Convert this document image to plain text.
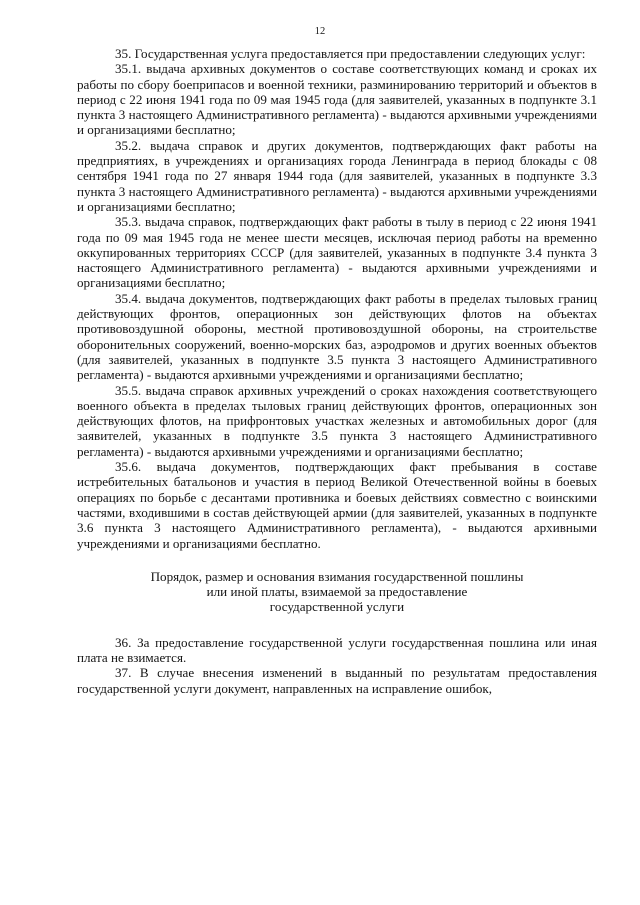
12

35. Государственная услуга предоставляется при предоставлении следующих услуг:

35.1. выдача архивных документов о составе соответствующих команд и сроках их работы по сбору боеприпасов и военной техники, разминированию территорий и объектов в период с 22 июня 1941 года по 09 мая 1945 года (для заявителей, указанных в подпункте 3.1 пункта 3 настоящего Административного регламента) - выдаются архивными учреждениями и организациями бесплатно;

35.2. выдача справок и других документов, подтверждающих факт работы на предприятиях, в учреждениях и организациях города Ленинграда в период блокады с 08 сентября 1941 года по 27 января 1944 года (для заявителей, указанных в подпункте 3.3 пункта 3 настоящего Административного регламента) - выдаются архивными учреждениями и организациями бесплатно;

35.3. выдача справок, подтверждающих факт работы в тылу в период с 22 июня 1941 года по 09 мая 1945 года не менее шести месяцев, исключая период работы на временно оккупированных территориях СССР (для заявителей, указанных в подпункте 3.4 пункта 3 настоящего Административного регламента) - выдаются архивными учреждениями и организациями бесплатно;

35.4. выдача документов, подтверждающих факт работы в пределах тыловых границ действующих фронтов, операционных зон действующих флотов на объектах противовоздушной обороны, местной противовоздушной обороны, на строительстве оборонительных сооружений, военно-морских баз, аэродромов и других военных объектов (для заявителей, указанных в подпункте 3.5 пункта 3 настоящего Административного регламента) - выдаются архивными учреждениями и организациями бесплатно;

35.5. выдача справок архивных учреждений о сроках нахождения соответствующего военного объекта в пределах тыловых границ действующих фронтов, операционных зон действующих флотов, на прифронтовых участках железных и автомобильных дорог (для заявителей, указанных в подпункте 3.5 пункта 3 настоящего Административного регламента) - выдаются архивными учреждениями и организациями бесплатно;

35.6. выдача документов, подтверждающих факт пребывания в составе истребительных батальонов и участия в период Великой Отечественной войны в боевых операциях по борьбе с десантами противника и боевых действиях совместно с воинскими частями, входившими в состав действующей армии (для заявителей, указанных в подпункте 3.6 пункта 3 настоящего Административного регламента), - выдаются архивными учреждениями и организациями бесплатно.

Порядок, размер и основания взимания государственной пошлины
или иной платы, взимаемой за предоставление
государственной услуги

36. За предоставление государственной услуги государственная пошлина или иная плата не взимается.

37. В случае внесения изменений в выданный по результатам предоставления государственной услуги документ, направленных на исправление ошибок,
